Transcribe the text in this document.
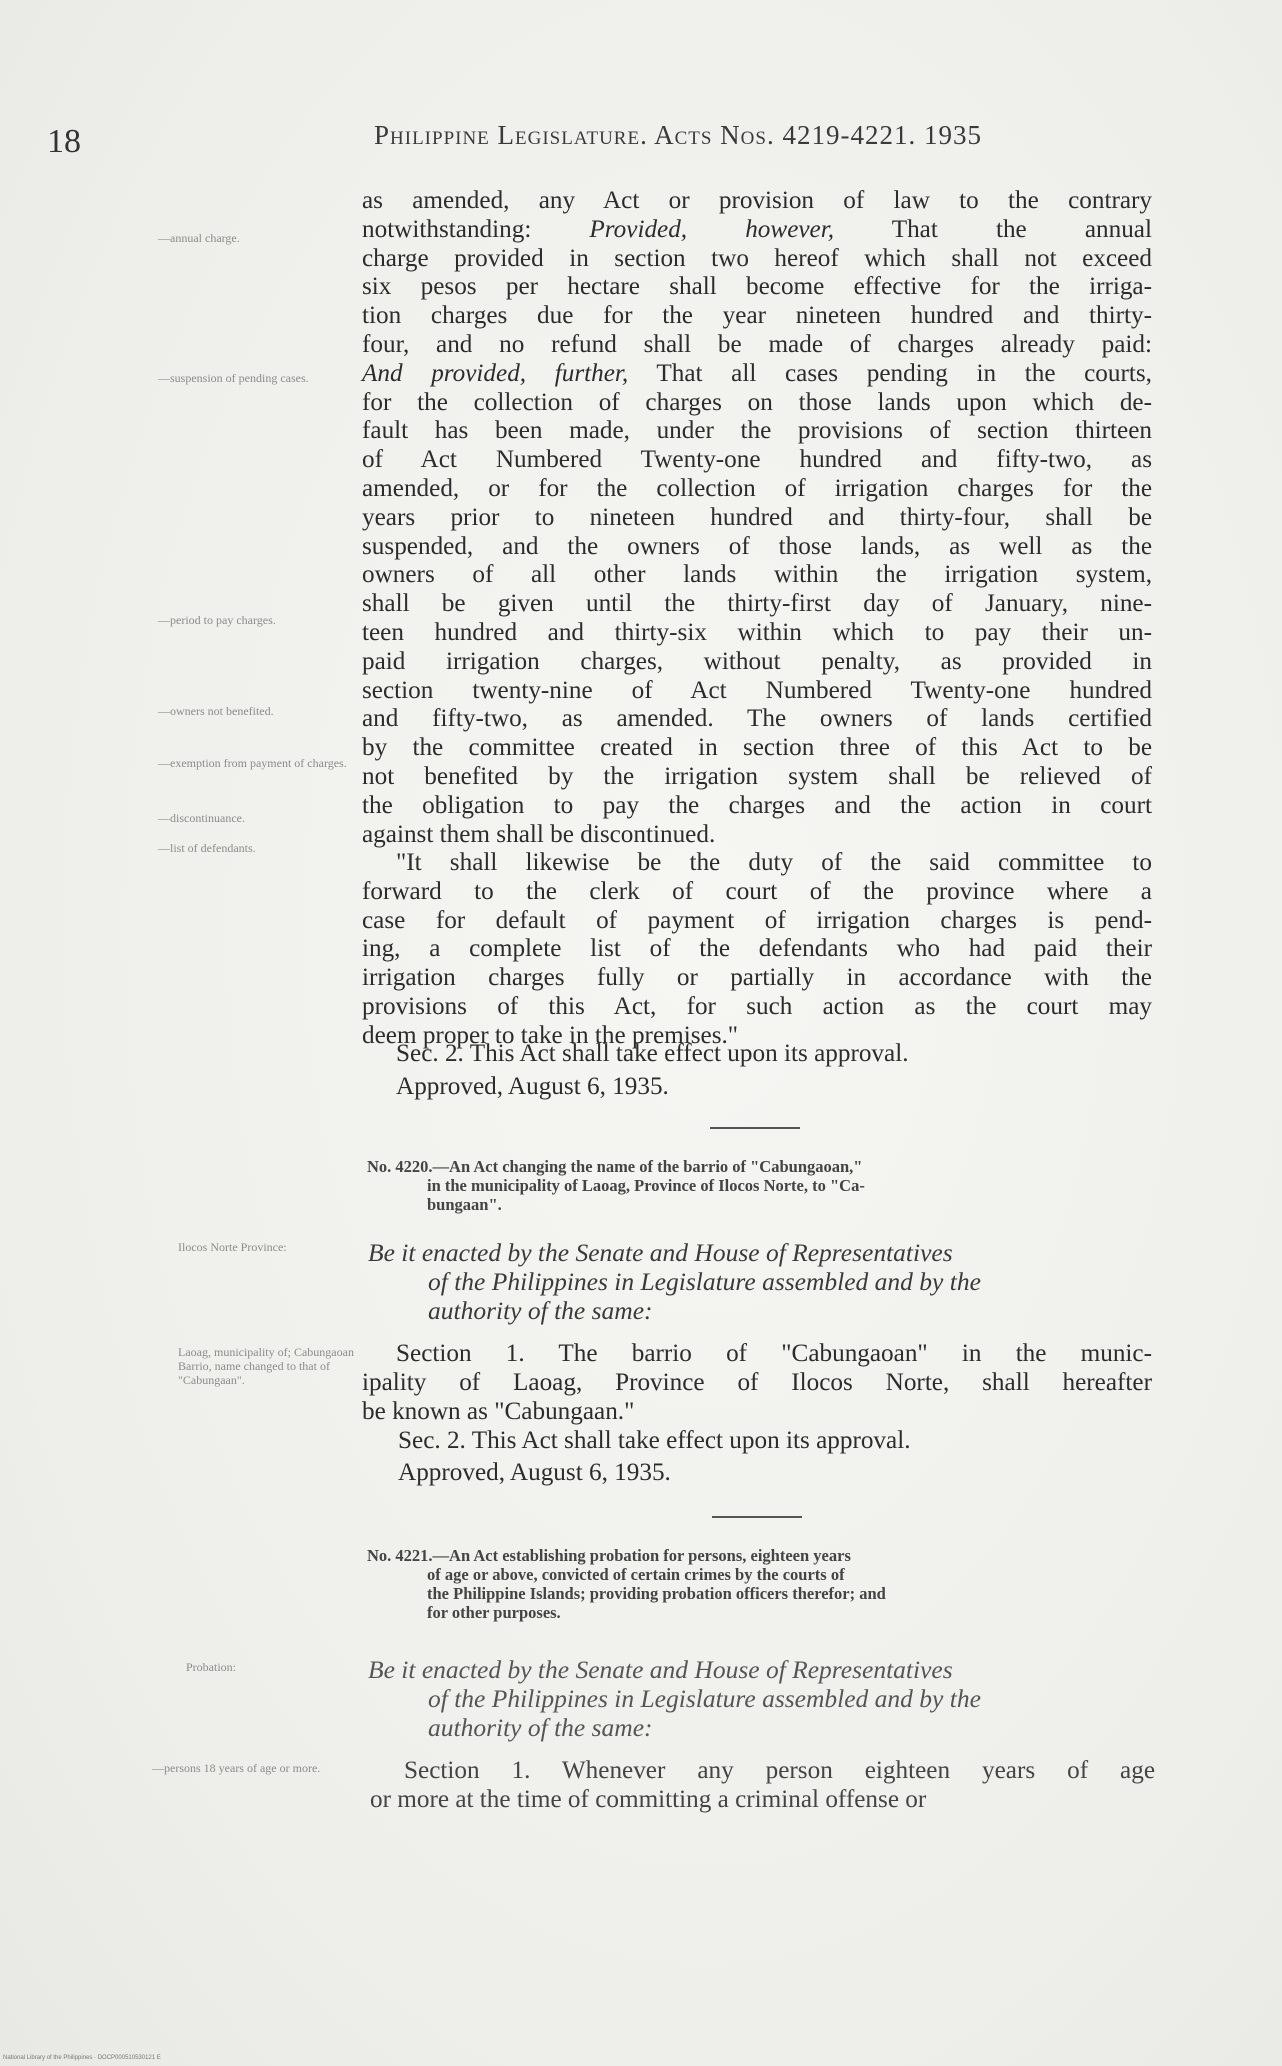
18	Philippine Legislature. Acts Nos. 4219-4221. 1935
—annual charge.
—suspension of pending cases.
—period to pay charges.
—owners not benefited.
—exemption from payment of charges.
—discontinuance.
—list of defendants.
Ilocos Norte Province:
Laoag, municipality of; Cabungaoan Barrio, name changed to that of "Cabungaan".
Probation:
—persons 18 years of age or more.
as amended, any Act or provision of law to the contrary
notwithstanding: Provided, however, That the annual
charge provided in section two hereof which shall not exceed
six pesos per hectare shall become effective for the irriga-
tion charges due for the year nineteen hundred and thirty-
four, and no refund shall be made of charges already paid:
And provided, further, That all cases pending in the courts,
for the collection of charges on those lands upon which de-
fault has been made, under the provisions of section thirteen
of Act Numbered Twenty-one hundred and fifty-two, as
amended, or for the collection of irrigation charges for the
years prior to nineteen hundred and thirty-four, shall be
suspended, and the owners of those lands, as well as the
owners of all other lands within the irrigation system,
shall be given until the thirty-first day of January, nine-
teen hundred and thirty-six within which to pay their un-
paid irrigation charges, without penalty, as provided in
section twenty-nine of Act Numbered Twenty-one hundred
and fifty-two, as amended. The owners of lands certified
by the committee created in section three of this Act to be
not benefited by the irrigation system shall be relieved of
the obligation to pay the charges and the action in court
against them shall be discontinued.
"It shall likewise be the duty of the said committee to
forward to the clerk of court of the province where a
case for default of payment of irrigation charges is pend-
ing, a complete list of the defendants who had paid their
irrigation charges fully or partially in accordance with the
provisions of this Act, for such action as the court may
deem proper to take in the premises."
Sec. 2. This Act shall take effect upon its approval.
Approved, August 6, 1935.
No. 4220.—An Act changing the name of the barrio of "Cabungaoan,"
in the municipality of Laoag, Province of Ilocos Norte, to "Ca-
bungaan".
Be it enacted by the Senate and House of Representatives
of the Philippines in Legislature assembled and by the
authority of the same:
Section 1. The barrio of "Cabungaoan" in the munic-
ipality of Laoag, Province of Ilocos Norte, shall hereafter
be known as "Cabungaan."
Sec. 2. This Act shall take effect upon its approval.
Approved, August 6, 1935.
No. 4221.—An Act establishing probation for persons, eighteen years
of age or above, convicted of certain crimes by the courts of
the Philippine Islands; providing probation officers therefor; and
for other purposes.
Be it enacted by the Senate and House of Representatives
of the Philippines in Legislature assembled and by the
authority of the same:
Section 1. Whenever any person eighteen years of age
or more at the time of committing a criminal offense or
National Library of the Philippines · DOCP000510530121 E
